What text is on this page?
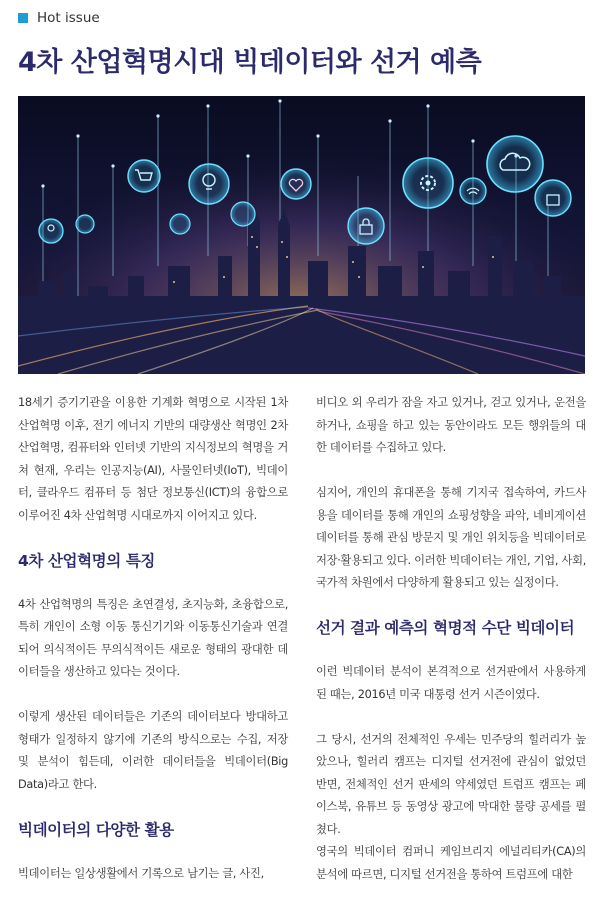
Hot issue
4차 산업혁명시대 빅데이터와 선거 예측

18세기 증기기관을 이용한 기계화 혁명으로 시작된 1차 산업혁명 이후, 전기 에너지 기반의 대량생산 혁명인 2차 산업혁명, 컴퓨터와 인터넷 기반의 지식정보의 혁명을 거쳐 현재, 우리는 인공지능(AI), 사물인터넷(IoT), 빅데이터, 클라우드 컴퓨터 등 첨단 정보통신(ICT)의 융합으로 이루어진 4차 산업혁명 시대로까지 이어지고 있다.

4차 산업혁명의 특징

4차 산업혁명의 특징은 초연결성, 초지능화, 초융합으로, 특히 개인이 소형 이동 통신기기와 이동통신기술과 연결되어 의식적이든 무의식적이든 새로운 형태의 광대한 데이터들을 생산하고 있다는 것이다.

이렇게 생산된 데이터들은 기존의 데이터보다 방대하고 형태가 일정하지 않기에 기존의 방식으로는 수집, 저장 및 분석이 힘든데, 이러한 데이터들을 빅데이터(Big Data)라고 한다.

빅데이터의 다양한 활용

빅데이터는 일상생활에서 기록으로 남기는 글, 사진,

비디오 외 우리가 잠을 자고 있거나, 걷고 있거나, 운전을 하거나, 쇼핑을 하고 있는 동안이라도 모든 행위들의 대한 데이터를 수집하고 있다.

심지어, 개인의 휴대폰을 통해 기지국 접속하여, 카드사용을 데이터를 통해 개인의 쇼핑성향을 파악, 네비게이션 데이터를 통해 관심 방문지 및 개인 위치등을 빅데이터로 저장·활용되고 있다. 이러한 빅데이터는 개인, 기업, 사회, 국가적 차원에서 다양하게 활용되고 있는 실정이다.

선거 결과 예측의 혁명적 수단 빅데이터

이런 빅데이터 분석이 본격적으로 선거판에서 사용하게 된 때는, 2016년 미국 대통령 선거 시즌이였다.

그 당시, 선거의 전체적인 우세는 민주당의 힐러리가 높았으나, 힐러리 캠프는 디지털 선거전에 관심이 없었던 반면, 전체적인 선거 판세의 약세였던 트럼프 캠프는 페이스북, 유튜브 등 동영상 광고에 막대한 물량 공세를 펼쳤다.

영국의 빅데이터 컴퍼니 케임브리지 에널리티카(CA)의 분석에 따르면, 디지털 선거전을 통하여 트럼프에 대한
